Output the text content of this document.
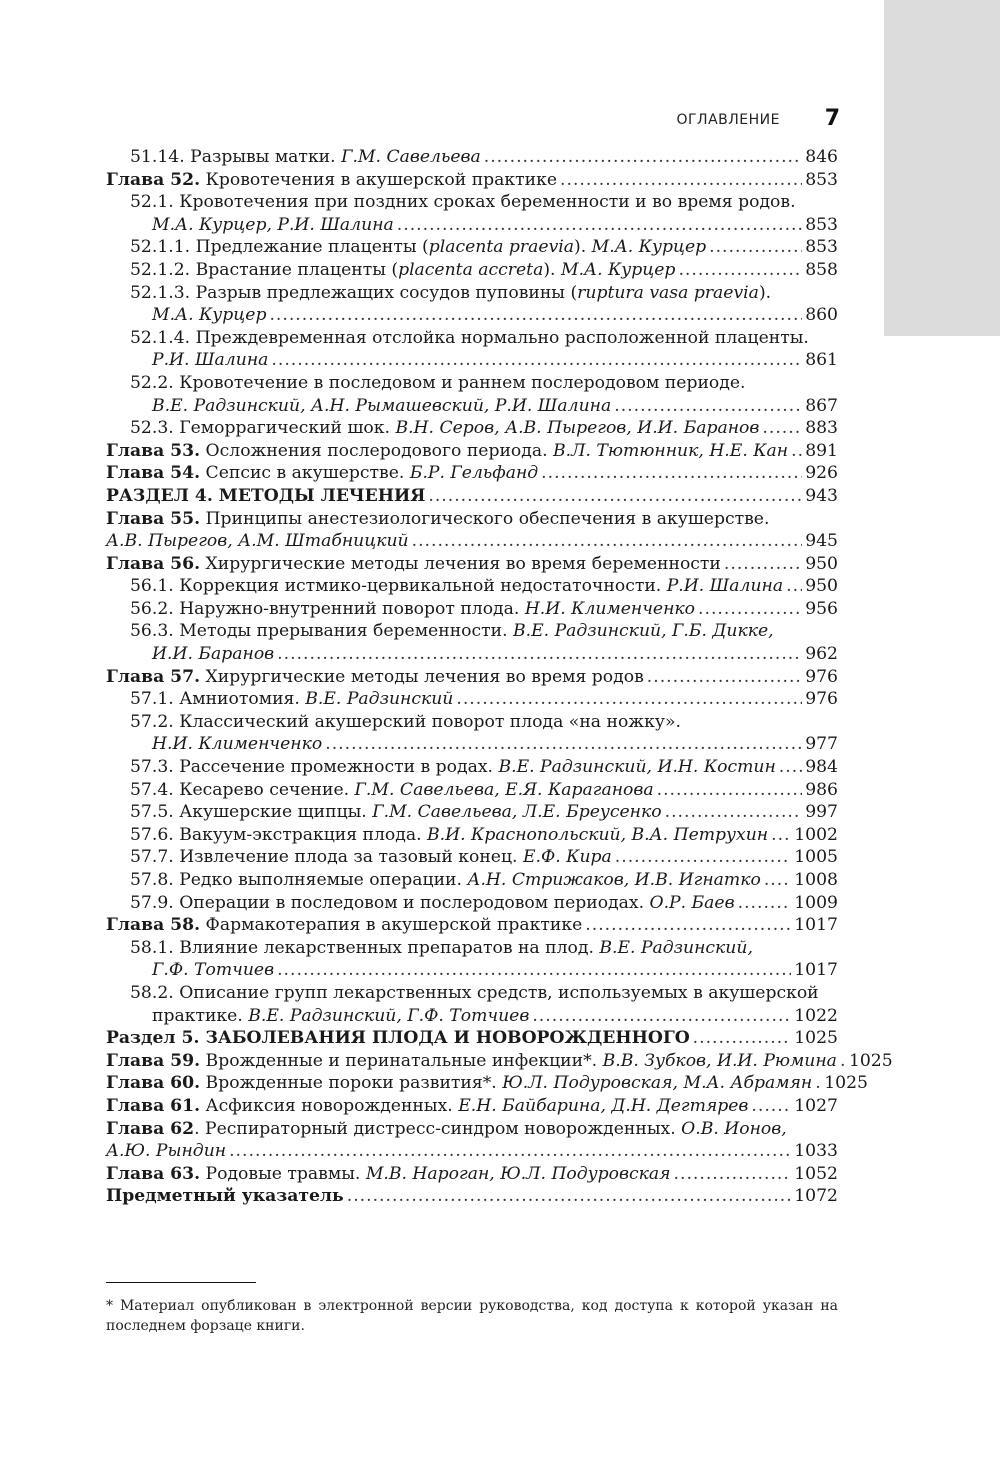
ОГЛАВЛЕНИЕ 7
51.14. Разрывы матки. Г.М. Савельева .....	846
Глава 52. Кровотечения в акушерской практике .....	853
52.1. Кровотечения при поздних сроках беременности и во время родов.
М.А. Курцер, Р.И. Шалина .....	853
52.1.1. Предлежание плаценты (placenta praevia). М.А. Курцер .....	853
52.1.2. Врастание плаценты (placenta accreta). М.А. Курцер .....	858
52.1.3. Разрыв предлежащих сосудов пуповины (ruptura vasa praevia).
М.А. Курцер .....	860
52.1.4. Преждевременная отслойка нормально расположенной плаценты.
Р.И. Шалина .....	861
52.2. Кровотечение в последовом и раннем послеродовом периоде.
В.Е. Радзинский, А.Н. Рымашевский, Р.И. Шалина .....	867
52.3. Геморрагический шок. В.Н. Серов, А.В. Пырегов, И.И. Баранов .....	883
Глава 53. Осложнения послеродового периода. В.Л. Тютюнник, Н.Е. Кан ..... 891
Глава 54. Сепсис в акушерстве. Б.Р. Гельфанд .....	926
РАЗДЕЛ 4. МЕТОДЫ ЛЕЧЕНИЯ .....	943
Глава 55. Принципы анестезиологического обеспечения в акушерстве.
А.В. Пырегов, А.М. Штабницкий .....	945
Глава 56. Хирургические методы лечения во время беременности .....	950
56.1. Коррекция истмико-цервикальной недостаточности. Р.И. Шалина ..... 950
56.2. Наружно-внутренний поворот плода. Н.И. Клименченко .....	956
56.3. Методы прерывания беременности. В.Е. Радзинский, Г.Б. Дикке,
И.И. Баранов .....	962
Глава 57. Хирургические методы лечения во время родов .....	976
57.1. Амниотомия. В.Е. Радзинский .....	976
57.2. Классический акушерский поворот плода «на ножку».
Н.И. Клименченко .....	977
57.3. Рассечение промежности в родах. В.Е. Радзинский, И.Н. Костин ..... 984
57.4. Кесарево сечение. Г.М. Савельева, Е.Я. Караганова .....	986
57.5. Акушерские щипцы. Г.М. Савельева, Л.Е. Бреусенко .....	997
57.6. Вакуум-экстракция плода. В.И. Краснопольский, В.А. Петрухин ..... 1002
57.7. Извлечение плода за тазовый конец. Е.Ф. Кира .....	1005
57.8. Редко выполняемые операции. А.Н. Стрижаков, И.В. Игнатко ..... 1008
57.9. Операции в последовом и послеродовом периодах. О.Р. Баев .....	1009
Глава 58. Фармакотерапия в акушерской практике .....	1017
58.1. Влияние лекарственных препаратов на плод. В.Е. Радзинский,
Г.Ф. Тотчиев .....	1017
58.2. Описание групп лекарственных средств, используемых в акушерской
практике. В.Е. Радзинский, Г.Ф. Тотчиев .....	1022
Раздел 5. ЗАБОЛЕВАНИЯ ПЛОДА И НОВОРОЖДЕННОГО .....	1025
Глава 59. Врожденные и перинатальные инфекции*. В.В. Зубков, И.И. Рюмина ..... 1025
Глава 60. Врожденные пороки развития*. Ю.Л. Подуровская, М.А. Абрамян ..... 1025
Глава 61. Асфиксия новорожденных. Е.Н. Байбарина, Д.Н. Дегтярев .....	1027
Глава 62. Респираторный дистресс-синдром новорожденных. О.В. Ионов,
А.Ю. Рындин .....	1033
Глава 63. Родовые травмы. М.В. Нароган, Ю.Л. Подуровская .....	1052
Предметный указатель .....	1072
* Материал опубликован в электронной версии руководства, код доступа к которой указан на последнем форзаце книги.
